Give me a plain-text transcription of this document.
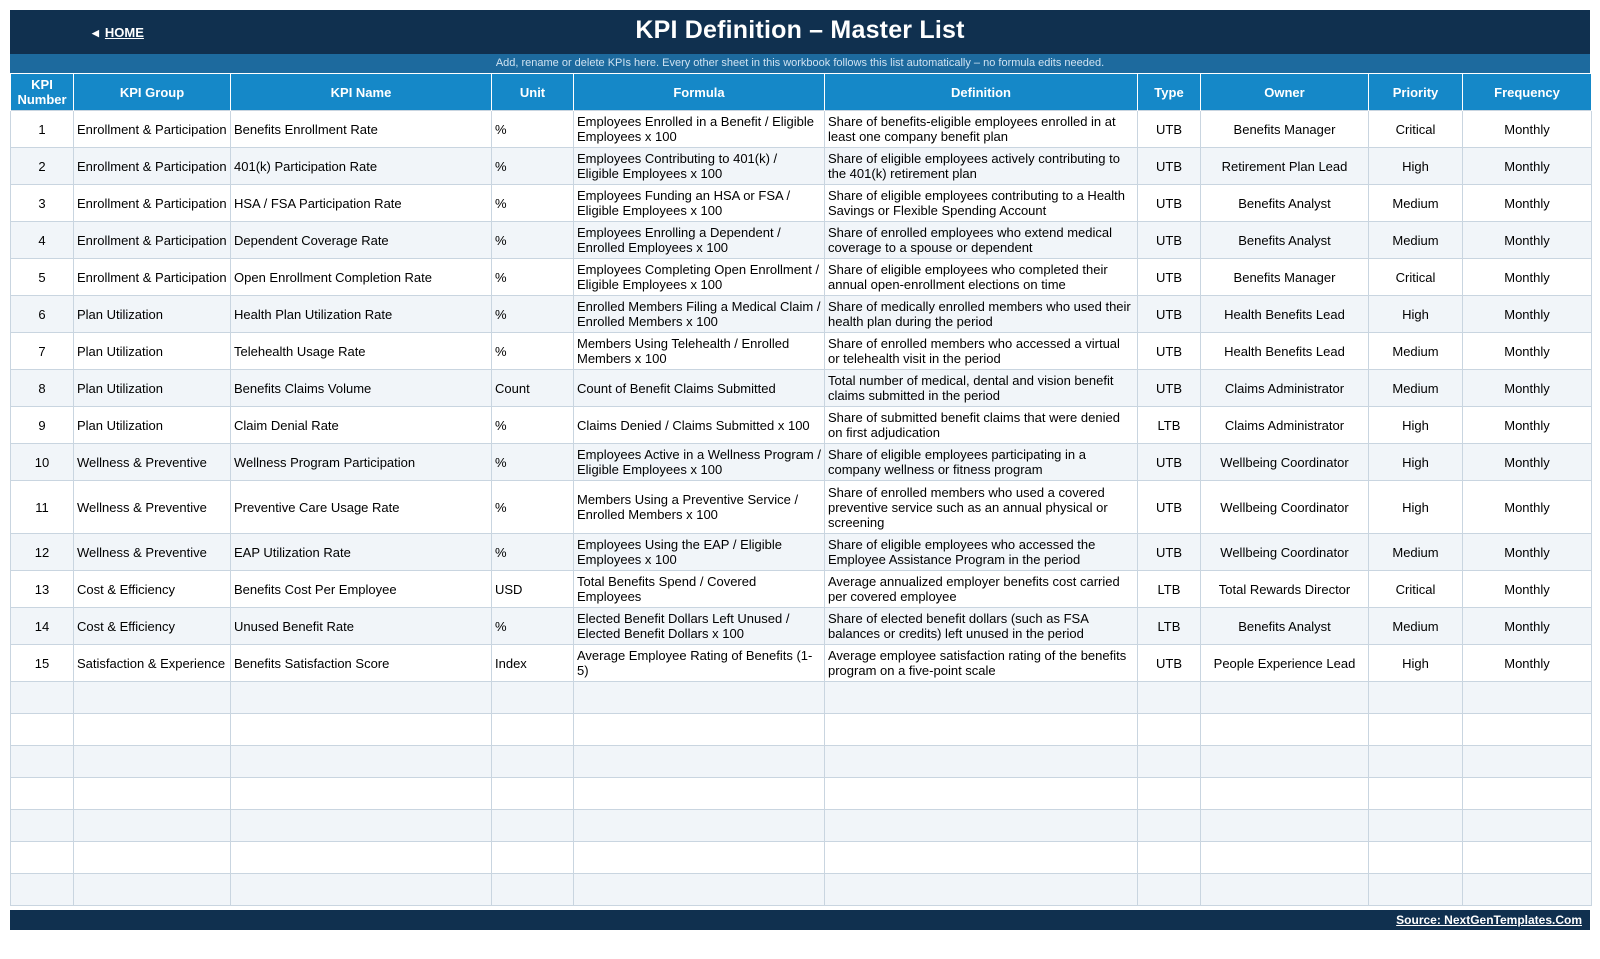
◀ HOME	KPI Definition – Master List
Add, rename or delete KPIs here. Every other sheet in this workbook follows this list automatically – no formula edits needed.
KPI Number	KPI Group	KPI Name	Unit	Formula	Definition	Type	Owner	Priority	Frequency
1	Enrollment & Participation	Benefits Enrollment Rate	%	Employees Enrolled in a Benefit / Eligible Employees x 100	Share of benefits-eligible employees enrolled in at least one company benefit plan	UTB	Benefits Manager	Critical	Monthly
2	Enrollment & Participation	401(k) Participation Rate	%	Employees Contributing to 401(k) / Eligible Employees x 100	Share of eligible employees actively contributing to the 401(k) retirement plan	UTB	Retirement Plan Lead	High	Monthly
3	Enrollment & Participation	HSA / FSA Participation Rate	%	Employees Funding an HSA or FSA / Eligible Employees x 100	Share of eligible employees contributing to a Health Savings or Flexible Spending Account	UTB	Benefits Analyst	Medium	Monthly
4	Enrollment & Participation	Dependent Coverage Rate	%	Employees Enrolling a Dependent / Enrolled Employees x 100	Share of enrolled employees who extend medical coverage to a spouse or dependent	UTB	Benefits Analyst	Medium	Monthly
5	Enrollment & Participation	Open Enrollment Completion Rate	%	Employees Completing Open Enrollment / Eligible Employees x 100	Share of eligible employees who completed their annual open-enrollment elections on time	UTB	Benefits Manager	Critical	Monthly
6	Plan Utilization	Health Plan Utilization Rate	%	Enrolled Members Filing a Medical Claim / Enrolled Members x 100	Share of medically enrolled members who used their health plan during the period	UTB	Health Benefits Lead	High	Monthly
7	Plan Utilization	Telehealth Usage Rate	%	Members Using Telehealth / Enrolled Members x 100	Share of enrolled members who accessed a virtual or telehealth visit in the period	UTB	Health Benefits Lead	Medium	Monthly
8	Plan Utilization	Benefits Claims Volume	Count	Count of Benefit Claims Submitted	Total number of medical, dental and vision benefit claims submitted in the period	UTB	Claims Administrator	Medium	Monthly
9	Plan Utilization	Claim Denial Rate	%	Claims Denied / Claims Submitted x 100	Share of submitted benefit claims that were denied on first adjudication	LTB	Claims Administrator	High	Monthly
10	Wellness & Preventive	Wellness Program Participation	%	Employees Active in a Wellness Program / Eligible Employees x 100	Share of eligible employees participating in a company wellness or fitness program	UTB	Wellbeing Coordinator	High	Monthly
11	Wellness & Preventive	Preventive Care Usage Rate	%	Members Using a Preventive Service / Enrolled Members x 100	Share of enrolled members who used a covered preventive service such as an annual physical or screening	UTB	Wellbeing Coordinator	High	Monthly
12	Wellness & Preventive	EAP Utilization Rate	%	Employees Using the EAP / Eligible Employees x 100	Share of eligible employees who accessed the Employee Assistance Program in the period	UTB	Wellbeing Coordinator	Medium	Monthly
13	Cost & Efficiency	Benefits Cost Per Employee	USD	Total Benefits Spend / Covered Employees	Average annualized employer benefits cost carried per covered employee	LTB	Total Rewards Director	Critical	Monthly
14	Cost & Efficiency	Unused Benefit Rate	%	Elected Benefit Dollars Left Unused / Elected Benefit Dollars x 100	Share of elected benefit dollars (such as FSA balances or credits) left unused in the period	LTB	Benefits Analyst	Medium	Monthly
15	Satisfaction & Experience	Benefits Satisfaction Score	Index	Average Employee Rating of Benefits (1-5)	Average employee satisfaction rating of the benefits program on a five-point scale	UTB	People Experience Lead	High	Monthly

Source: NextGenTemplates.Com
